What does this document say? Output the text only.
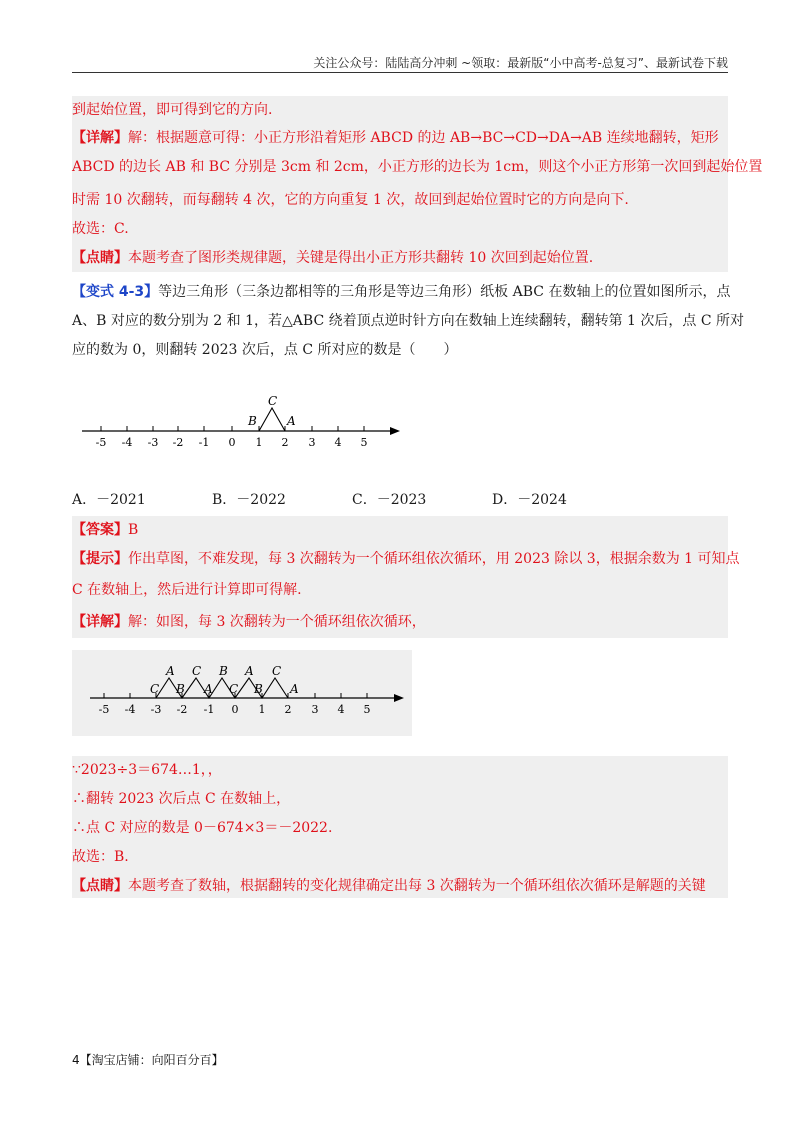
关注公众号：陆陆高分冲刺 ~领取：最新版“小中高考-总复习”、最新试卷下载
到起始位置，即可得到它的方向.
【详解】解：根据题意可得：小正方形沿着矩形 ABCD 的边 AB→BC→CD→DA→AB 连续地翻转，矩形
ABCD 的边长 AB 和 BC 分别是 3cm 和 2cm，小正方形的边长为 1cm，则这个小正方形第一次回到起始位置
时需 10 次翻转，而每翻转 4 次，它的方向重复 1 次，故回到起始位置时它的方向是向下.
故选：C.
【点睛】本题考查了图形类规律题，关键是得出小正方形共翻转 10 次回到起始位置.
【变式 4-3】等边三角形（三条边都相等的三角形是等边三角形）纸板 ABC 在数轴上的位置如图所示，点
A、B 对应的数分别为 2 和 1，若△ABC 绕着顶点逆时针方向在数轴上连续翻转，翻转第 1 次后，点 C 所对
应的数为 0，则翻转 2023 次后，点 C 所对应的数是（　　）
-5 -4 -3 -2 -1 0 1 2 3 4 5
C
B	A
A．－2021	B．－2022	C．－2023	D．－2024
【答案】B
【提示】作出草图，不难发现，每 3 次翻转为一个循环组依次循环，用 2023 除以 3，根据余数为 1 可知点
C 在数轴上，然后进行计算即可得解.
【详解】解：如图，每 3 次翻转为一个循环组依次循环，
-5 -4 -3 -2 -1 0 1 2 3 4 5
A C B A C
C B A C B A
∵2023÷3＝674…1，，
∴翻转 2023 次后点 C 在数轴上，
∴点 C 对应的数是 0－674×3＝－2022.
故选：B.
【点睛】本题考查了数轴，根据翻转的变化规律确定出每 3 次翻转为一个循环组依次循环是解题的关键
4【淘宝店铺：向阳百分百】
